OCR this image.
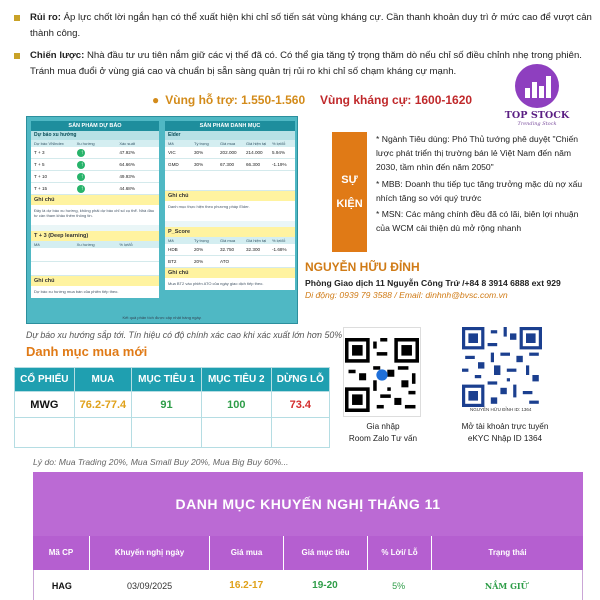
Rủi ro: Áp lực chốt lời ngắn hạn có thể xuất hiện khi chỉ số tiến sát vùng kháng cự. Cần thanh khoản duy trì ở mức cao để vượt cản thành công.
Chiến lược: Nhà đầu tư ưu tiên nắm giữ các vị thế đã có. Có thể gia tăng tỷ trọng thăm dò nếu chỉ số điều chỉnh nhẹ trong phiên. Tránh mua đuổi ở vùng giá cao và chuẩn bị sẵn sàng quản trị rủi ro khi chỉ số chạm kháng cự mạnh.
● Vùng hỗ trợ: 1.550-1.560 Vùng kháng cự: 1600-1620
SẢN PHẨM DỰ BÁO
Dự báo xu hướng
Dự báo VNIndex	Xu hướng	Xác suất
T + 3	↑	47.92%
T + 5	↑	64.66%
T + 10	↑	49.93%
T + 15	↑	44.68%
Ghi chú
Đây là dự báo xu hướng, không phải dự báo chỉ số cụ thể. Nhà đầu tư cần tham khảo thêm thông tin.
T + 3 (Deep learning)
Mã	Xu hướng	% lợi/lỗ
Ghi chú
Dự báo xu hướng mua bán của phiên tiếp theo.
SẢN PHẨM DANH MỤC
Elder
Mã	Tỷ trọng	Giá mua	Giá hiện tại	% lợi/lỗ
VIC	30%	202.000	214.000	5.94%
GMD	30%	67.300	66.300	-1.19%
Ghi chú
Danh mục thực hiện theo phương pháp Elder.
P_Score
Mã	Tỷ trọng	Giá mua	Giá hiện tại	% lợi/lỗ
HDB	20%	32.750	32.300	-1.68%
BT2	20%	ATO
Ghi chú
Mua BT2 vào phiên ATO của ngày giao dịch tiếp theo.
Kết quả phân tích được cập nhật hàng ngày.
Dự báo xu hướng sắp tới. Tín hiệu có độ chính xác cao khi xác xuất lớn hơn 50%
Danh mục mua mới
CỔ PHIẾU	MUA	MỤC TIÊU 1	MỤC TIÊU 2	DỪNG LỖ
MWG	76.2-77.4	91	100	73.4

Lý do: Mua Trading 20%, Mua Small Buy 20%, Mua Big Buy 60%...
DANH MỤC KHUYẾN NGHỊ THÁNG 11
Mã CP	Khuyến nghị ngày	Giá mua	Giá mục tiêu	% Lời/ Lỗ	Trạng thái
HAG	03/09/2025	16.2-17	19-20	5%	NẮM GIỮ
TOP STOCK
Trending Stock
SỰ
KIỆN

* Ngành Tiêu dùng: Phó Thủ tướng phê duyệt "Chiến lược phát triển thị trường bán lẻ Việt Nam đến năm 2030, tầm nhìn đến năm 2050"

* MBB: Doanh thu tiếp tục tăng trưởng mặc dù nợ xấu nhích tăng so với quý trước

* MSN: Các mảng chính đều đã có lãi, biên lợi nhuận của WCM cải thiện dù mở rộng nhanh

NGUYỄN HỮU ĐỈNH
Phòng Giao dịch 11 Nguyễn Công Trứ /+84 8 3914 6888 ext 929
Di động: 0939 79 3588 / Email: dinhnh@bvsc.com.vn
Gia nhập
Room Zalo Tư vấn
NGUYỄN HỮU ĐỈNH ID: 1364
Mở tài khoản trực tuyến
eKYC Nhập ID 1364
